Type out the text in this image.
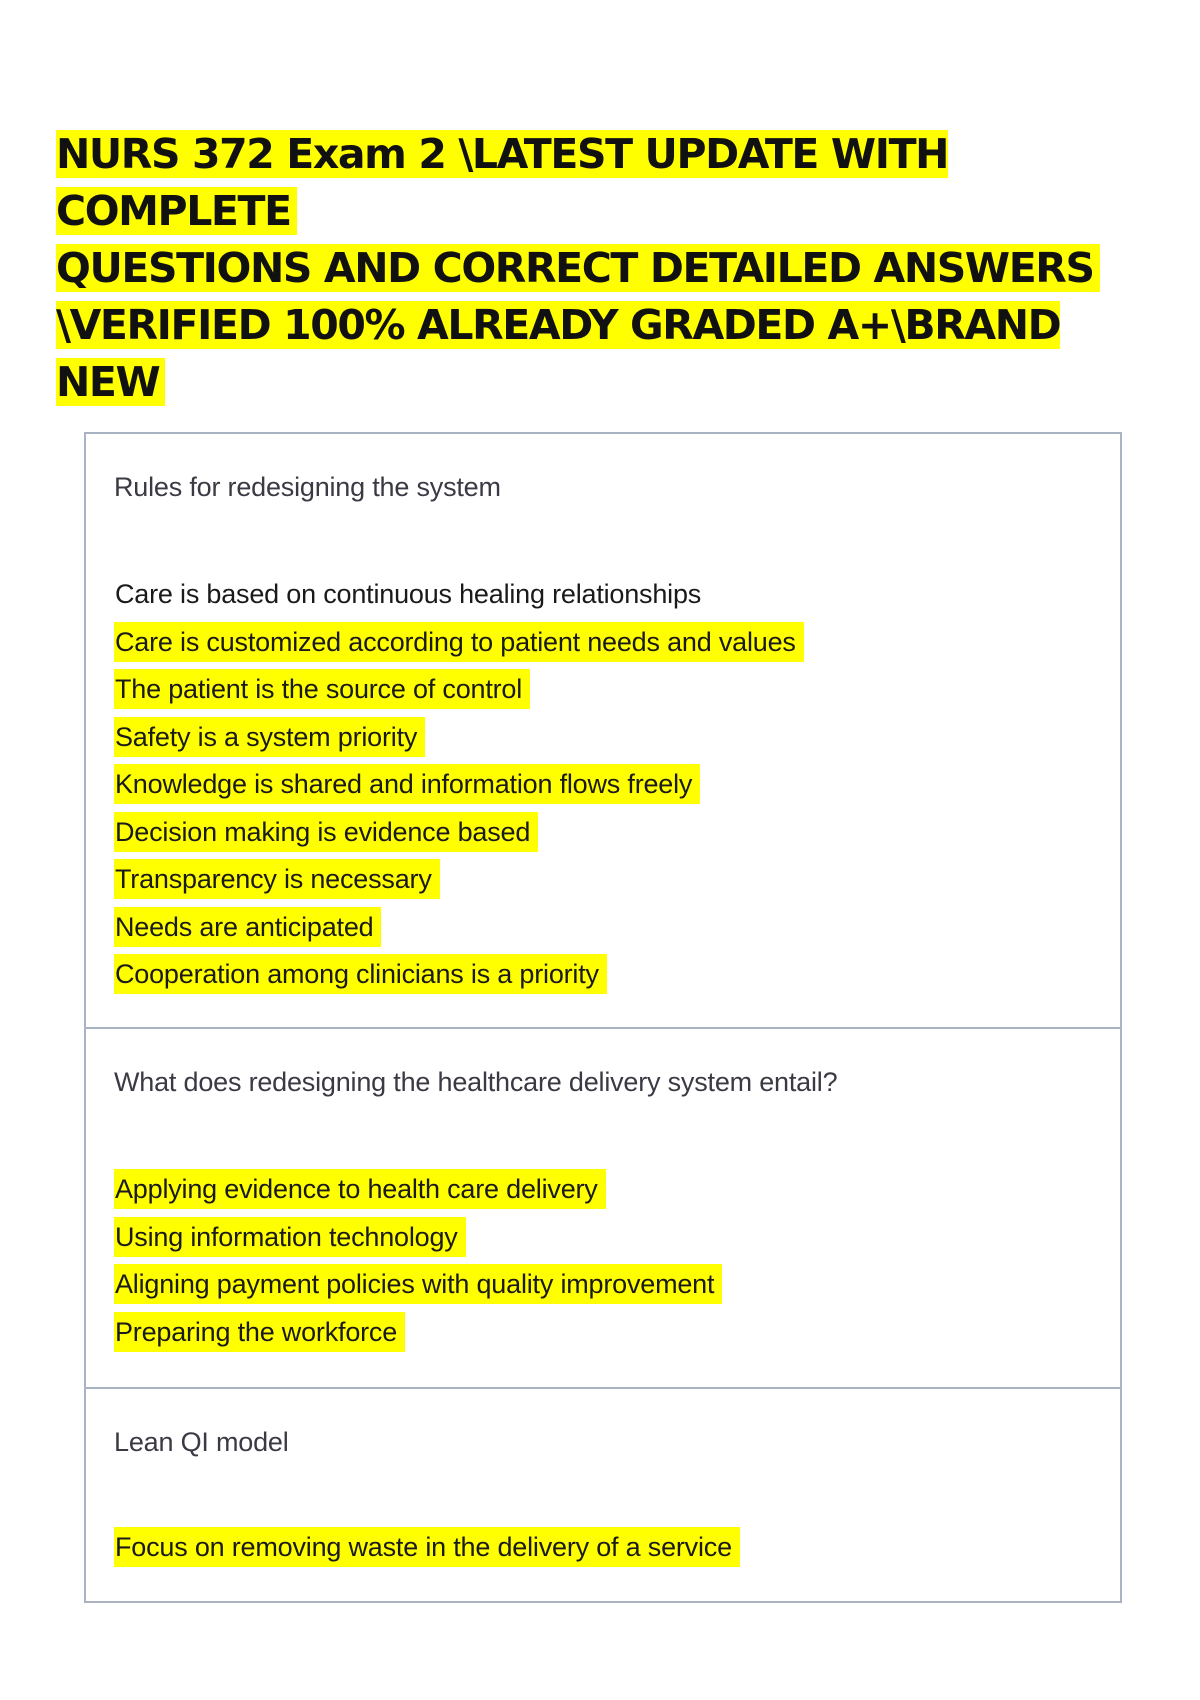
NURS 372 Exam 2 \LATEST UPDATE WITH COMPLETE
QUESTIONS AND CORRECT DETAILED ANSWERS
\VERIFIED 100% ALREADY GRADED A+\BRAND NEW

Rules for redesigning the system

Care is based on continuous healing relationships
Care is customized according to patient needs and values
The patient is the source of control
Safety is a system priority
Knowledge is shared and information flows freely
Decision making is evidence based
Transparency is necessary
Needs are anticipated
Cooperation among clinicians is a priority

What does redesigning the healthcare delivery system entail?

Applying evidence to health care delivery
Using information technology
Aligning payment policies with quality improvement
Preparing the workforce

Lean QI model

Focus on removing waste in the delivery of a service
